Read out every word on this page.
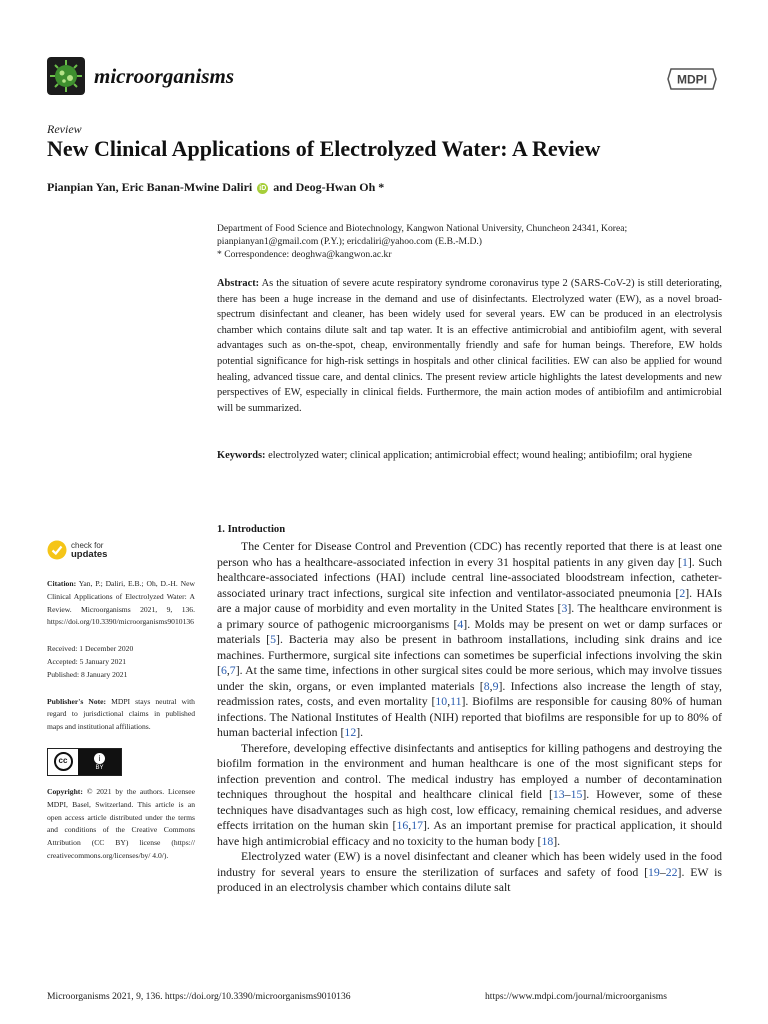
microorganisms	MDPI
Review
New Clinical Applications of Electrolyzed Water: A Review
Pianpian Yan, Eric Banan-Mwine Daliri iD and Deog-Hwan Oh *
Department of Food Science and Biotechnology, Kangwon National University, Chuncheon 24341, Korea;
pianpianyan1@gmail.com (P.Y.); ericdaliri@yahoo.com (E.B.-M.D.)
* Correspondence: deoghwa@kangwon.ac.kr
Abstract: As the situation of severe acute respiratory syndrome coronavirus type 2 (SARS-CoV-2) is still deteriorating, there has been a huge increase in the demand and use of disinfectants. Electrolyzed water (EW), as a novel broad-spectrum disinfectant and cleaner, has been widely used for several years. EW can be produced in an electrolysis chamber which contains dilute salt and tap water. It is an effective antimicrobial and antibiofilm agent, with several advantages such as on-the-spot, cheap, environmentally friendly and safe for human beings. Therefore, EW holds potential significance for high-risk settings in hospitals and other clinical facilities. EW can also be applied for wound healing, advanced tissue care, and dental clinics. The present review article highlights the latest developments and new perspectives of EW, especially in clinical fields. Furthermore, the main action modes of antibiofilm and antimicrobial will be summarized.
Keywords: electrolyzed water; clinical application; antimicrobial effect; wound healing; antibiofilm; oral hygiene
check for
updates
Citation: Yan, P.; Daliri, E.B.; Oh, D.-H. New Clinical Applications of Electrolyzed Water: A Review. Microorganisms 2021, 9, 136. https://doi.org/10.3390/microorganisms9010136
Received: 1 December 2020
Accepted: 5 January 2021
Published: 8 January 2021
Publisher's Note: MDPI stays neutral with regard to jurisdictional claims in published maps and institutional affiliations.
cc	i
BY
Copyright: © 2021 by the authors. Licensee MDPI, Basel, Switzerland. This article is an open access article distributed under the terms and conditions of the Creative Commons Attribution (CC BY) license (https:// creativecommons.org/licenses/by/ 4.0/).
1. Introduction

The Center for Disease Control and Prevention (CDC) has recently reported that there is at least one person who has a healthcare-associated infection in every 31 hospital patients in any given day [1]. Such healthcare-associated infections (HAI) include central line-associated bloodstream infection, catheter-associated urinary tract infections, surgical site infection and ventilator-associated pneumonia [2]. HAIs are a major cause of morbidity and even mortality in the United States [3]. The healthcare environment is a primary source of pathogenic microorganisms [4]. Molds may be present on wet or damp surfaces or materials [5]. Bacteria may also be present in bathroom installations, including sink drains and ice machines. Furthermore, surgical site infections can sometimes be superficial infections involving the skin [6,7]. At the same time, infections in other surgical sites could be more serious, which may involve tissues under the skin, organs, or even implanted materials [8,9]. Infections also increase the length of stay, readmission rates, costs, and even mortality [10,11]. Biofilms are responsible for causing 80% of human infections. The National Institutes of Health (NIH) reported that biofilms are responsible for up to 80% of human bacterial infection [12].

Therefore, developing effective disinfectants and antiseptics for killing pathogens and destroying the biofilm formation in the environment and human healthcare is one of the most significant steps for infection prevention and control. The medical industry has employed a number of decontamination techniques throughout the hospital and healthcare clinical field [13–15]. However, some of these techniques have disadvantages such as high cost, low efficacy, remaining chemical residues, and adverse effects irritation on the human skin [16,17]. As an important premise for practical application, it should have high antimicrobial efficacy and no toxicity to the human body [18].

Electrolyzed water (EW) is a novel disinfectant and cleaner which has been widely used in the food industry for several years to ensure the sterilization of surfaces and safety of food [19–22]. EW is produced in an electrolysis chamber which contains dilute salt

Microorganisms 2021, 9, 136. https://doi.org/10.3390/microorganisms9010136	https://www.mdpi.com/journal/microorganisms
